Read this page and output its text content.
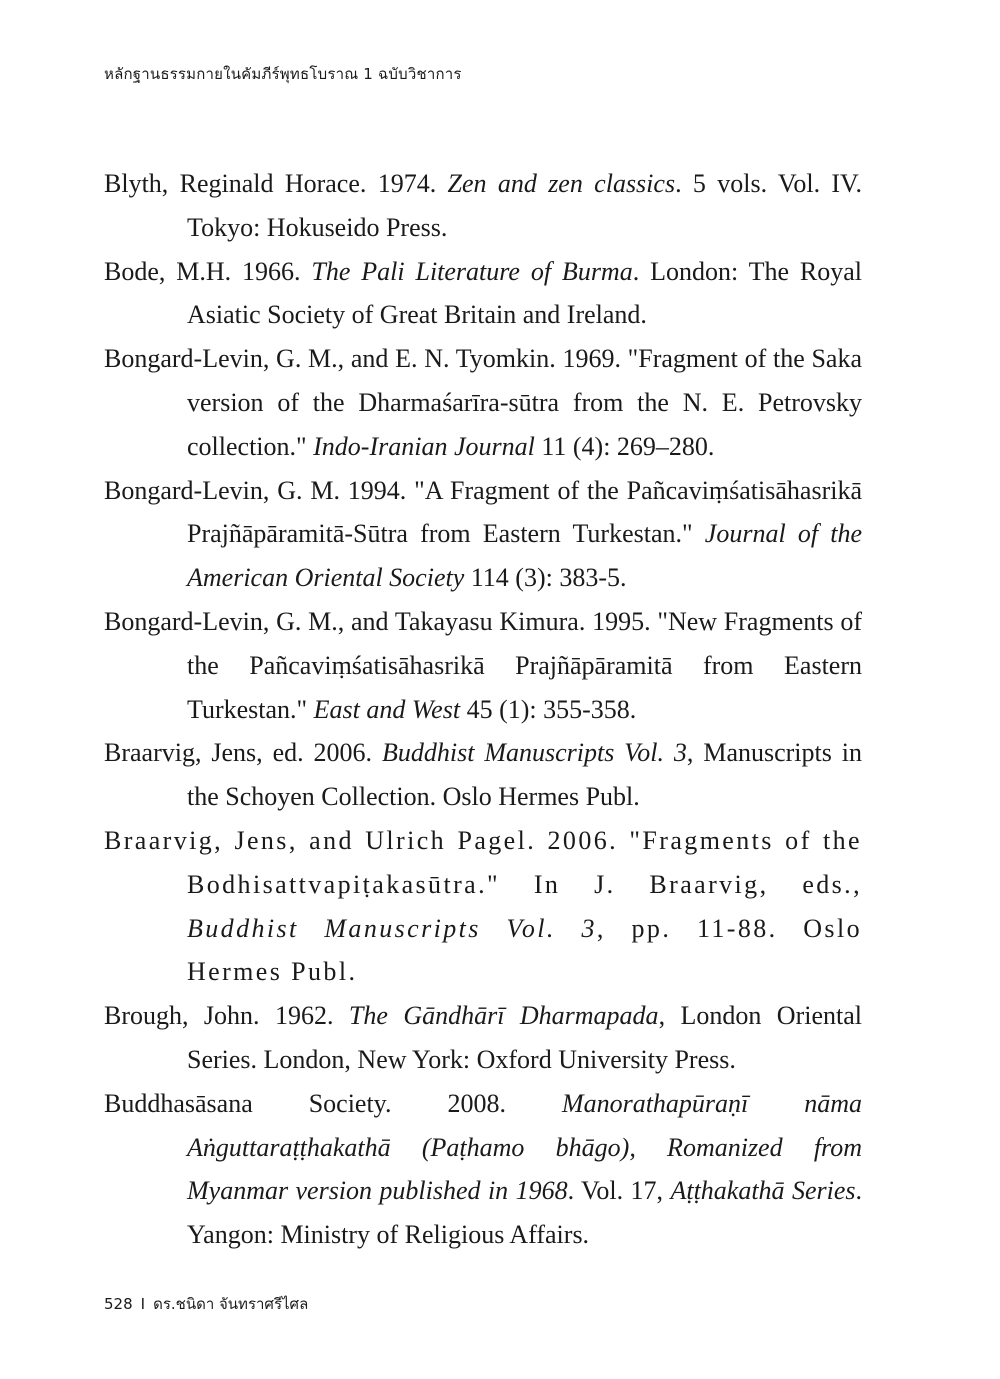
หลักฐานธรรมกายในคัมภีร์พุทธโบราณ 1 ฉบับวิชาการ
Blyth, Reginald Horace. 1974. Zen and zen classics. 5 vols. Vol. IV. Tokyo: Hokuseido Press.
Bode, M.H. 1966. The Pali Literature of Burma. London: The Royal Asiatic Society of Great Britain and Ireland.
Bongard-Levin, G. M., and E. N. Tyomkin. 1969. "Fragment of the Saka version of the Dharmaśarīra-sūtra from the N. E. Petrovsky collection." Indo-Iranian Journal 11 (4): 269–280.
Bongard-Levin, G. M. 1994. "A Fragment of the Pañcaviṃśatisāhasrikā Prajñāpāramitā-Sūtra from Eastern Turkestan." Journal of the American Oriental Society 114 (3): 383-5.
Bongard-Levin, G. M., and Takayasu Kimura. 1995. "New Fragments of the Pañcaviṃśatisāhasrikā Prajñāpāramitā from Eastern Turkestan." East and West 45 (1): 355-358.
Braarvig, Jens, ed. 2006. Buddhist Manuscripts Vol. 3, Manuscripts in the Schoyen Collection. Oslo Hermes Publ.
Braarvig, Jens, and Ulrich Pagel. 2006. "Fragments of the Bodhisattvapiṭakasūtra." In J. Braarvig, eds., Buddhist Manuscripts Vol. 3, pp. 11-88. Oslo Hermes Publ.
Brough, John. 1962. The Gāndhārī Dharmapada, London Oriental Series. London, New York: Oxford University Press.
Buddhasāsana Society. 2008. Manorathapūraṇī nāma Aṅguttaraṭṭhakathā (Paṭhamo bhāgo), Romanized from Myanmar version published in 1968. Vol. 17, Aṭṭhakathā Series. Yangon: Ministry of Religious Affairs.
528 I ดร.ชนิดา จันทราศรีไศล
